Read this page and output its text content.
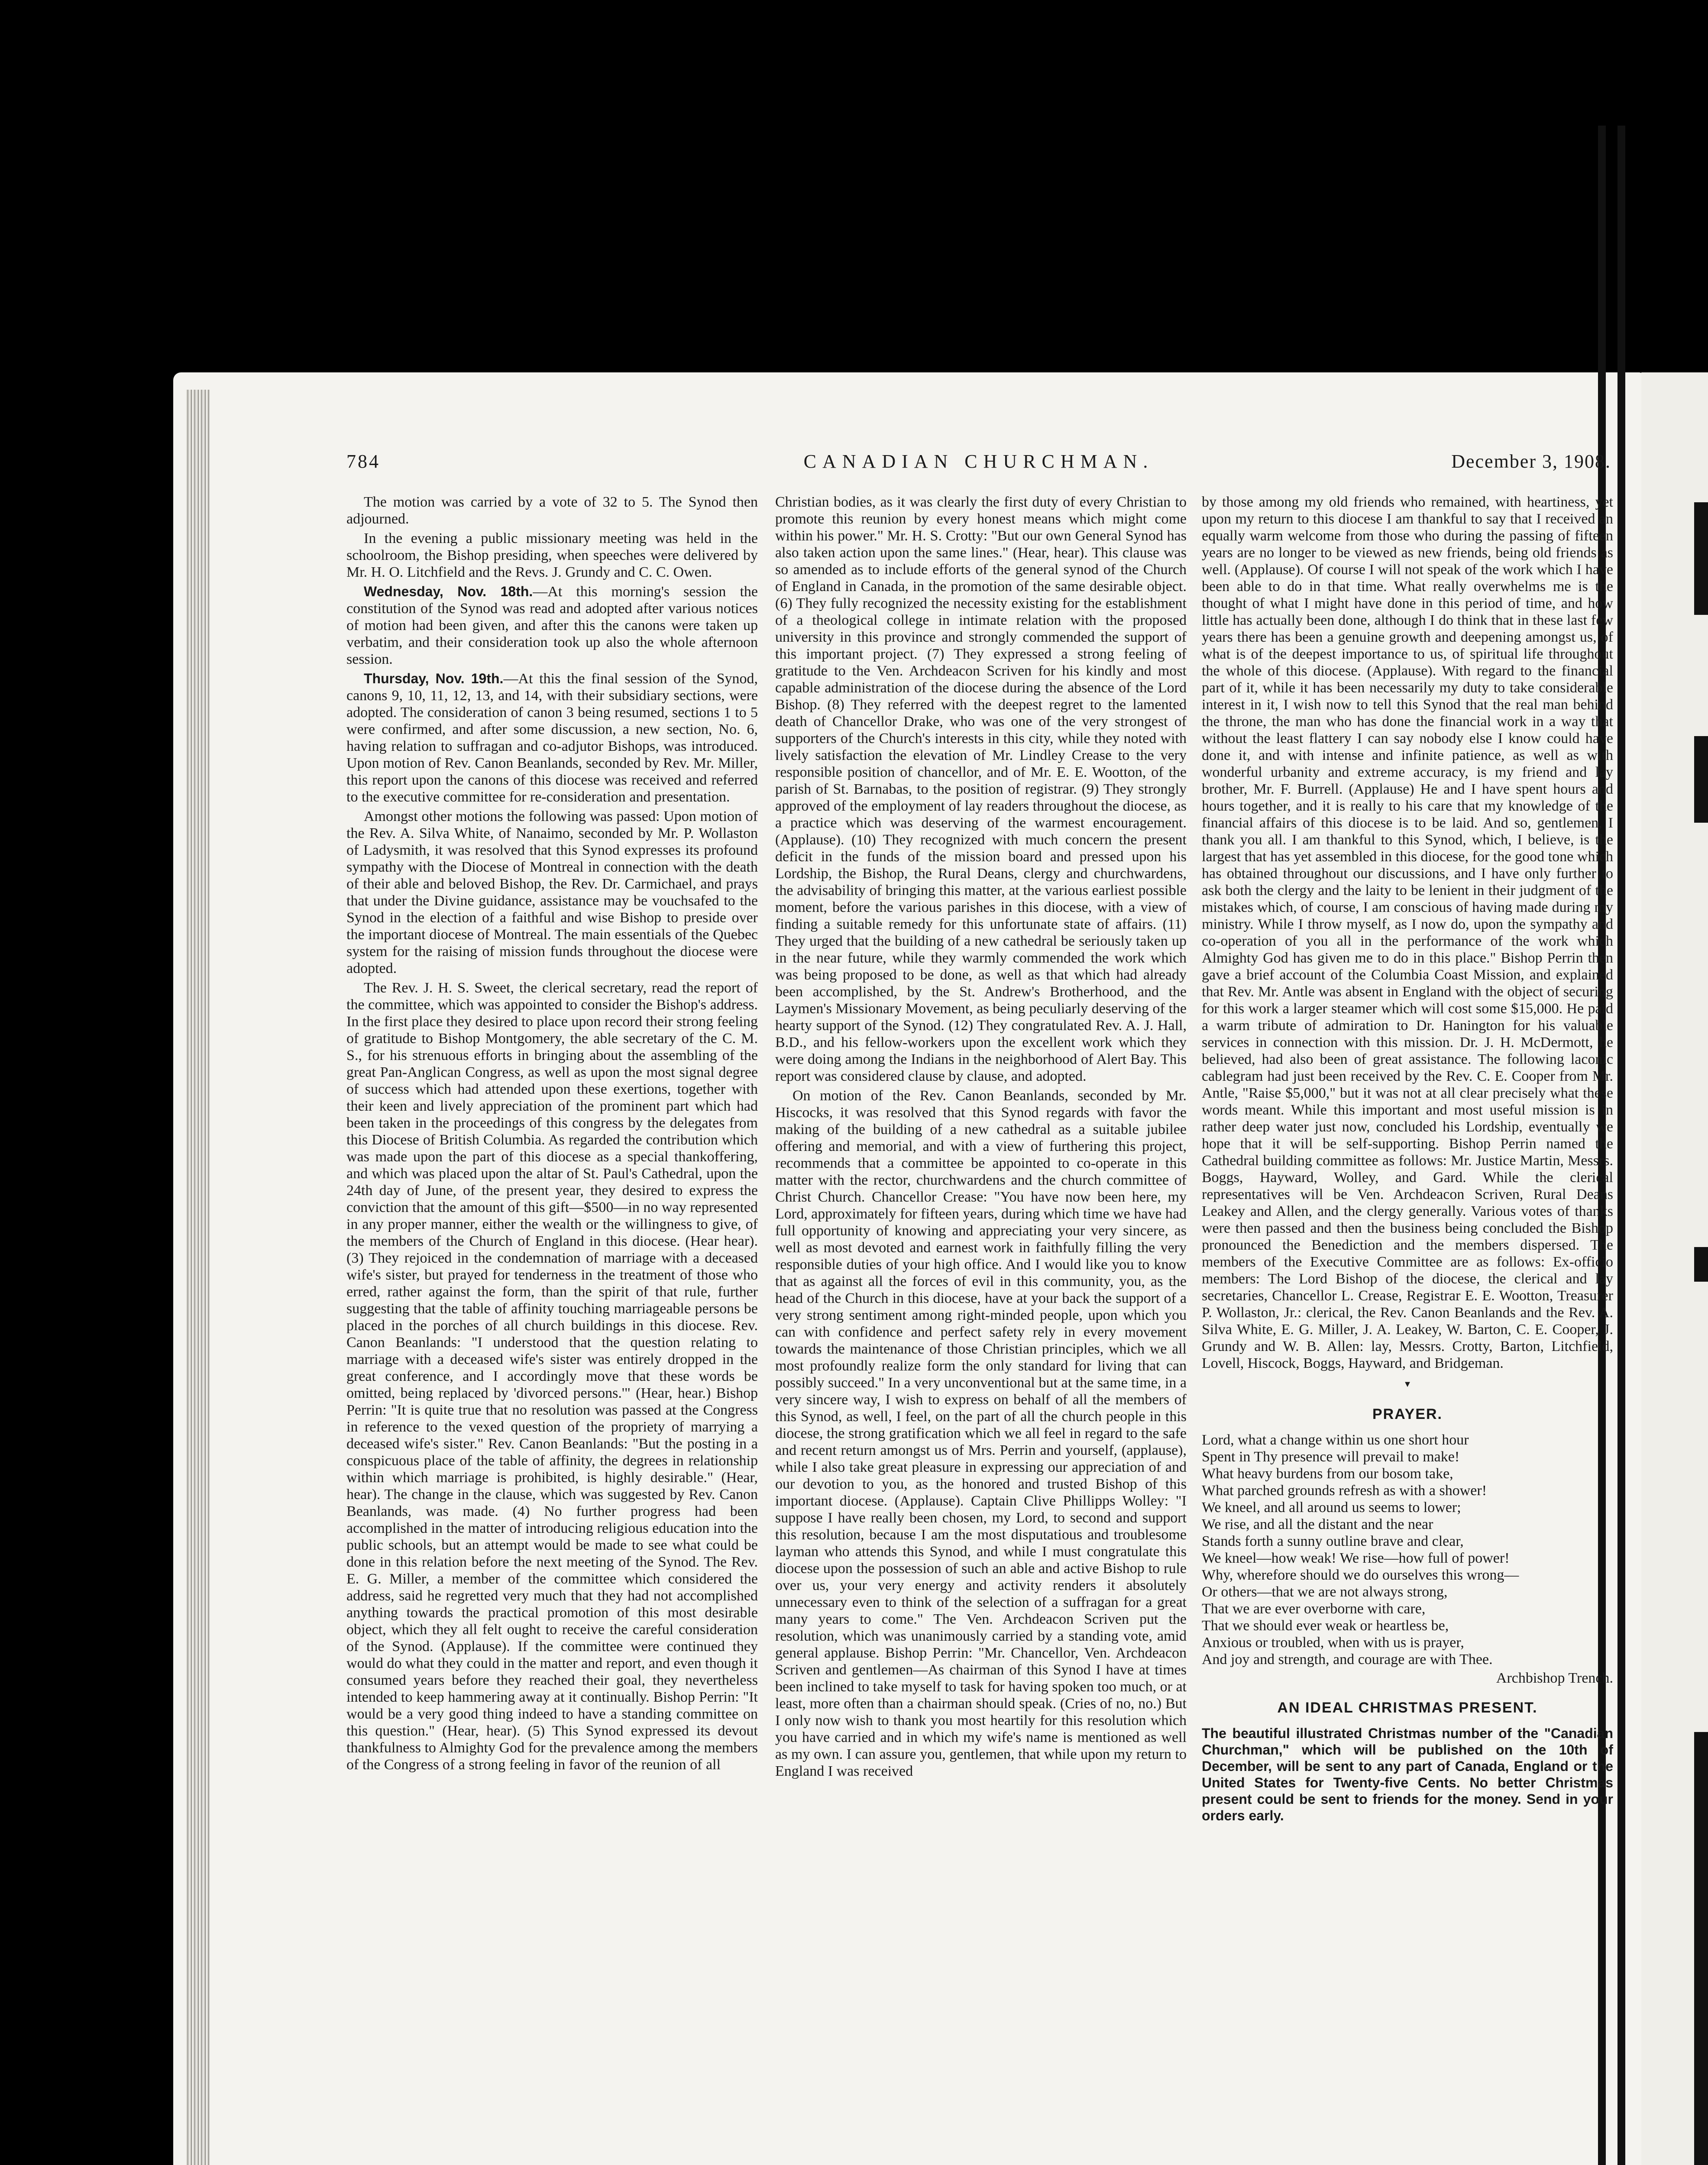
784	CANADIAN CHURCHMAN.	December 3, 1908.

The motion was carried by a vote of 32 to 5. The Synod then adjourned.

In the evening a public missionary meeting was held in the schoolroom, the Bishop presiding, when speeches were delivered by Mr. H. O. Litchfield and the Revs. J. Grundy and C. C. Owen.

Wednesday, Nov. 18th.—At this morning's session the constitution of the Synod was read and adopted after various notices of motion had been given, and after this the canons were taken up verbatim, and their consideration took up also the whole afternoon session.

Thursday, Nov. 19th.—At this the final session of the Synod, canons 9, 10, 11, 12, 13, and 14, with their subsidiary sections, were adopted. The consideration of canon 3 being resumed, sections 1 to 5 were confirmed, and after some discussion, a new section, No. 6, having relation to suffragan and co-adjutor Bishops, was introduced. Upon motion of Rev. Canon Beanlands, seconded by Rev. Mr. Miller, this report upon the canons of this diocese was received and referred to the executive committee for re-consideration and presentation.

Amongst other motions the following was passed: Upon motion of the Rev. A. Silva White, of Nanaimo, seconded by Mr. P. Wollaston of Ladysmith, it was resolved that this Synod expresses its profound sympathy with the Diocese of Montreal in connection with the death of their able and beloved Bishop, the Rev. Dr. Carmichael, and prays that under the Divine guidance, assistance may be vouchsafed to the Synod in the election of a faithful and wise Bishop to preside over the important diocese of Montreal. The main essentials of the Quebec system for the raising of mission funds throughout the diocese were adopted.

The Rev. J. H. S. Sweet, the clerical secretary, read the report of the committee, which was appointed to consider the Bishop's address. In the first place they desired to place upon record their strong feeling of gratitude to Bishop Montgomery, the able secretary of the C. M. S., for his strenuous efforts in bringing about the assembling of the great Pan-Anglican Congress, as well as upon the most signal degree of success which had attended upon these exertions, together with their keen and lively appreciation of the prominent part which had been taken in the proceedings of this congress by the delegates from this Diocese of British Columbia. As regarded the contribution which was made upon the part of this diocese as a special thankoffering, and which was placed upon the altar of St. Paul's Cathedral, upon the 24th day of June, of the present year, they desired to express the conviction that the amount of this gift—$500—in no way represented in any proper manner, either the wealth or the willingness to give, of the members of the Church of England in this diocese. (Hear hear). (3) They rejoiced in the condemnation of marriage with a deceased wife's sister, but prayed for tenderness in the treatment of those who erred, rather against the form, than the spirit of that rule, further suggesting that the table of affinity touching marriageable persons be placed in the porches of all church buildings in this diocese. Rev. Canon Beanlands: "I understood that the question relating to marriage with a deceased wife's sister was entirely dropped in the great conference, and I accordingly move that these words be omitted, being replaced by 'divorced persons.'" (Hear, hear.) Bishop Perrin: "It is quite true that no resolution was passed at the Congress in reference to the vexed question of the propriety of marrying a deceased wife's sister." Rev. Canon Beanlands: "But the posting in a conspicuous place of the table of affinity, the degrees in relationship within which marriage is prohibited, is highly desirable." (Hear, hear). The change in the clause, which was suggested by Rev. Canon Beanlands, was made. (4) No further progress had been accomplished in the matter of introducing religious education into the public schools, but an attempt would be made to see what could be done in this relation before the next meeting of the Synod. The Rev. E. G. Miller, a member of the committee which considered the address, said he regretted very much that they had not accomplished anything towards the practical promotion of this most desirable object, which they all felt ought to receive the careful consideration of the Synod. (Applause). If the committee were continued they would do what they could in the matter and report, and even though it consumed years before they reached their goal, they nevertheless intended to keep hammering away at it continually. Bishop Perrin: "It would be a very good thing indeed to have a standing committee on this question." (Hear, hear). (5) This Synod expressed its devout thankfulness to Almighty God for the prevalence among the members of the Congress of a strong feeling in favor of the reunion of all

Christian bodies, as it was clearly the first duty of every Christian to promote this reunion by every honest means which might come within his power." Mr. H. S. Crotty: "But our own General Synod has also taken action upon the same lines." (Hear, hear). This clause was so amended as to include efforts of the general synod of the Church of England in Canada, in the promotion of the same desirable object. (6) They fully recognized the necessity existing for the establishment of a theological college in intimate relation with the proposed university in this province and strongly commended the support of this important project. (7) They expressed a strong feeling of gratitude to the Ven. Archdeacon Scriven for his kindly and most capable administration of the diocese during the absence of the Lord Bishop. (8) They referred with the deepest regret to the lamented death of Chancellor Drake, who was one of the very strongest of supporters of the Church's interests in this city, while they noted with lively satisfaction the elevation of Mr. Lindley Crease to the very responsible position of chancellor, and of Mr. E. E. Wootton, of the parish of St. Barnabas, to the position of registrar. (9) They strongly approved of the employment of lay readers throughout the diocese, as a practice which was deserving of the warmest encouragement. (Applause). (10) They recognized with much concern the present deficit in the funds of the mission board and pressed upon his Lordship, the Bishop, the Rural Deans, clergy and churchwardens, the advisability of bringing this matter, at the various earliest possible moment, before the various parishes in this diocese, with a view of finding a suitable remedy for this unfortunate state of affairs. (11) They urged that the building of a new cathedral be seriously taken up in the near future, while they warmly commended the work which was being proposed to be done, as well as that which had already been accomplished, by the St. Andrew's Brotherhood, and the Laymen's Missionary Movement, as being peculiarly deserving of the hearty support of the Synod. (12) They congratulated Rev. A. J. Hall, B.D., and his fellow-workers upon the excellent work which they were doing among the Indians in the neighborhood of Alert Bay. This report was considered clause by clause, and adopted.

On motion of the Rev. Canon Beanlands, seconded by Mr. Hiscocks, it was resolved that this Synod regards with favor the making of the building of a new cathedral as a suitable jubilee offering and memorial, and with a view of furthering this project, recommends that a committee be appointed to co-operate in this matter with the rector, churchwardens and the church committee of Christ Church. Chancellor Crease: "You have now been here, my Lord, approximately for fifteen years, during which time we have had full opportunity of knowing and appreciating your very sincere, as well as most devoted and earnest work in faithfully filling the very responsible duties of your high office. And I would like you to know that as against all the forces of evil in this community, you, as the head of the Church in this diocese, have at your back the support of a very strong sentiment among right-minded people, upon which you can with confidence and perfect safety rely in every movement towards the maintenance of those Christian principles, which we all most profoundly realize form the only standard for living that can possibly succeed." In a very unconventional but at the same time, in a very sincere way, I wish to express on behalf of all the members of this Synod, as well, I feel, on the part of all the church people in this diocese, the strong gratification which we all feel in regard to the safe and recent return amongst us of Mrs. Perrin and yourself, (applause), while I also take great pleasure in expressing our appreciation of and our devotion to you, as the honored and trusted Bishop of this important diocese. (Applause). Captain Clive Phillipps Wolley: "I suppose I have really been chosen, my Lord, to second and support this resolution, because I am the most disputatious and troublesome layman who attends this Synod, and while I must congratulate this diocese upon the possession of such an able and active Bishop to rule over us, your very energy and activity renders it absolutely unnecessary even to think of the selection of a suffragan for a great many years to come." The Ven. Archdeacon Scriven put the resolution, which was unanimously carried by a standing vote, amid general applause. Bishop Perrin: "Mr. Chancellor, Ven. Archdeacon Scriven and gentlemen—As chairman of this Synod I have at times been inclined to take myself to task for having spoken too much, or at least, more often than a chairman should speak. (Cries of no, no.) But I only now wish to thank you most heartily for this resolution which you have carried and in which my wife's name is mentioned as well as my own. I can assure you, gentlemen, that while upon my return to England I was received

by those among my old friends who remained, with heartiness, yet upon my return to this diocese I am thankful to say that I received an equally warm welcome from those who during the passing of fifteen years are no longer to be viewed as new friends, being old friends as well. (Applause). Of course I will not speak of the work which I have been able to do in that time. What really overwhelms me is the thought of what I might have done in this period of time, and how little has actually been done, although I do think that in these last few years there has been a genuine growth and deepening amongst us, of what is of the deepest importance to us, of spiritual life throughout the whole of this diocese. (Applause). With regard to the financial part of it, while it has been necessarily my duty to take considerable interest in it, I wish now to tell this Synod that the real man behind the throne, the man who has done the financial work in a way that without the least flattery I can say nobody else I know could have done it, and with intense and infinite patience, as well as with wonderful urbanity and extreme accuracy, is my friend and lay brother, Mr. F. Burrell. (Applause) He and I have spent hours and hours together, and it is really to his care that my knowledge of the financial affairs of this diocese is to be laid. And so, gentlemen, I thank you all. I am thankful to this Synod, which, I believe, is the largest that has yet assembled in this diocese, for the good tone which has obtained throughout our discussions, and I have only further to ask both the clergy and the laity to be lenient in their judgment of the mistakes which, of course, I am conscious of having made during my ministry. While I throw myself, as I now do, upon the sympathy and co-operation of you all in the performance of the work which Almighty God has given me to do in this place." Bishop Perrin then gave a brief account of the Columbia Coast Mission, and explained that Rev. Mr. Antle was absent in England with the object of securing for this work a larger steamer which will cost some $15,000. He paid a warm tribute of admiration to Dr. Hanington for his valuable services in connection with this mission. Dr. J. H. McDermott, he believed, had also been of great assistance. The following laconic cablegram had just been received by the Rev. C. E. Cooper from Mr. Antle, "Raise $5,000," but it was not at all clear precisely what these words meant. While this important and most useful mission is in rather deep water just now, concluded his Lordship, eventually we hope that it will be self-supporting. Bishop Perrin named the Cathedral building committee as follows: Mr. Justice Martin, Messrs. Boggs, Hayward, Wolley, and Gard. While the clerical representatives will be Ven. Archdeacon Scriven, Rural Deans Leakey and Allen, and the clergy generally. Various votes of thanks were then passed and then the business being concluded the Bishop pronounced the Benediction and the members dispersed. The members of the Executive Committee are as follows: Ex-officio members: The Lord Bishop of the diocese, the clerical and lay secretaries, Chancellor L. Crease, Registrar E. E. Wootton, Treasurer P. Wollaston, Jr.: clerical, the Rev. Canon Beanlands and the Rev. A. Silva White, E. G. Miller, J. A. Leakey, W. Barton, C. E. Cooper, J. Grundy and W. B. Allen: lay, Messrs. Crotty, Barton, Litchfield, Lovell, Hiscock, Boggs, Hayward, and Bridgeman.

▼
PRAYER.
Lord, what a change within us one short hour
Spent in Thy presence will prevail to make!
What heavy burdens from our bosom take,
What parched grounds refresh as with a shower!
We kneel, and all around us seems to lower;
We rise, and all the distant and the near
Stands forth a sunny outline brave and clear,
We kneel—how weak! We rise—how full of power!
Why, wherefore should we do ourselves this wrong—
Or others—that we are not always strong,
That we are ever overborne with care,
That we should ever weak or heartless be,
Anxious or troubled, when with us is prayer,
And joy and strength, and courage are with Thee.
Archbishop Trench.
AN IDEAL CHRISTMAS PRESENT.
The beautiful illustrated Christmas number of the "Canadian Churchman," which will be published on the 10th of December, will be sent to any part of Canada, England or the United States for Twenty-five Cents. No better Christmas present could be sent to friends for the money. Send in your orders early.
